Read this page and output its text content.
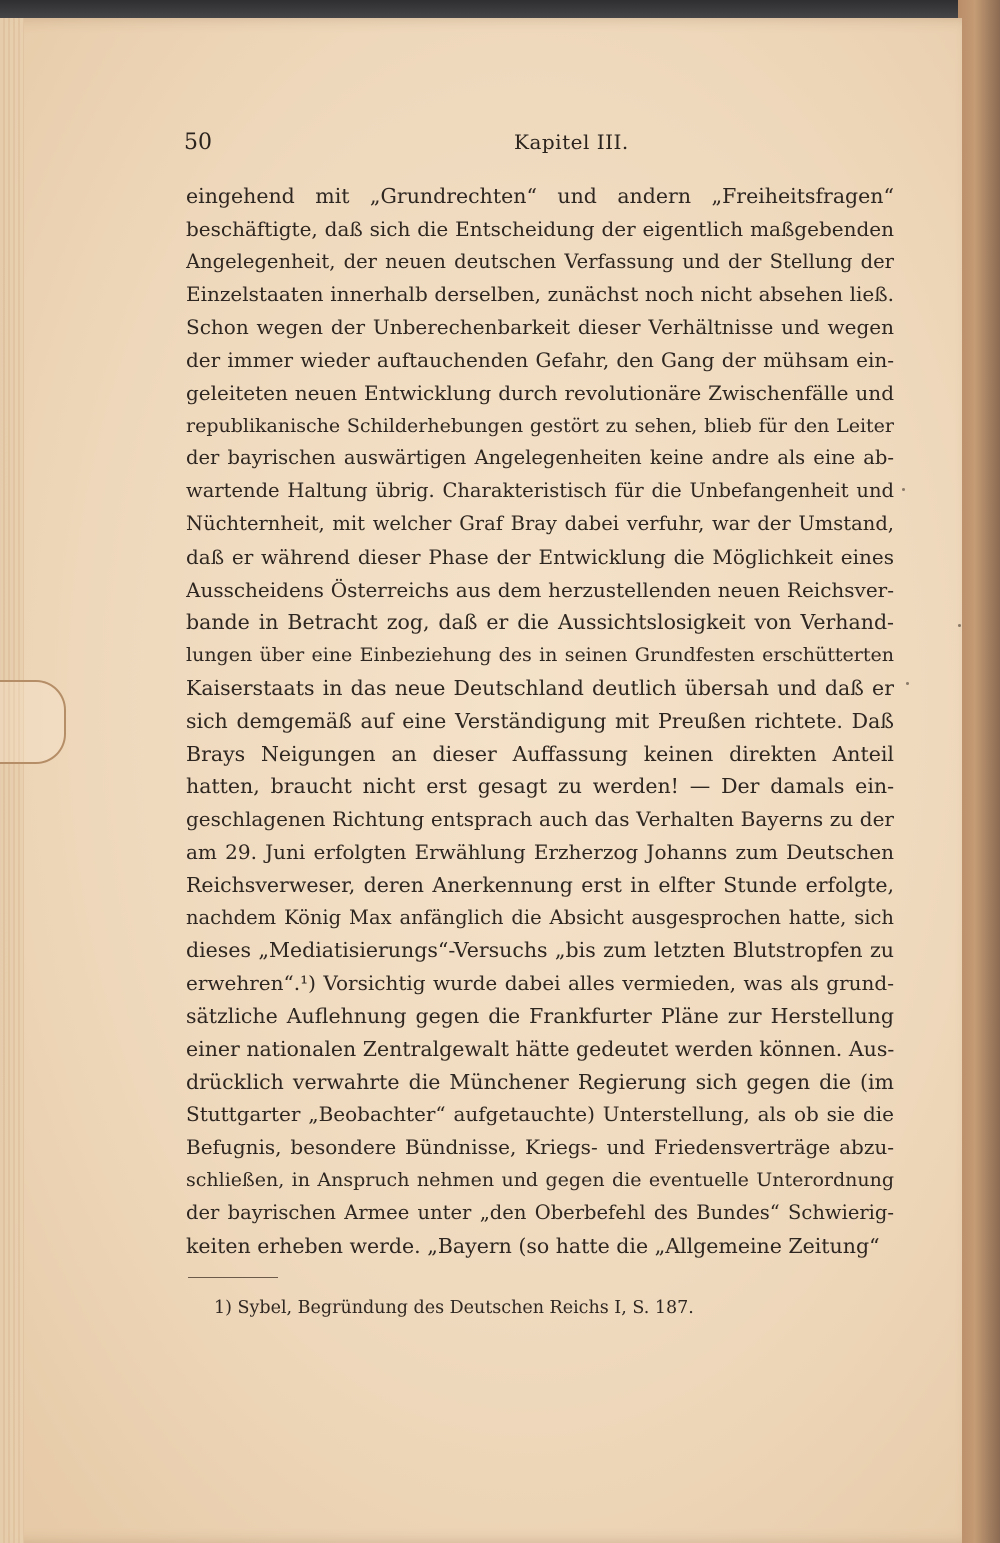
50	Kapitel III.
eingehend mit „Grundrechten“ und andern „Freiheitsfragen“
beschäftigte, daß sich die Entscheidung der eigentlich maßgebenden
Angelegenheit, der neuen deutschen Verfassung und der Stellung der
Einzelstaaten innerhalb derselben, zunächst noch nicht absehen ließ.
Schon wegen der Unberechenbarkeit dieser Verhältnisse und wegen
der immer wieder auftauchenden Gefahr, den Gang der mühsam ein-
geleiteten neuen Entwicklung durch revolutionäre Zwischenfälle und
republikanische Schilderhebungen gestört zu sehen, blieb für den Leiter
der bayrischen auswärtigen Angelegenheiten keine andre als eine ab-
wartende Haltung übrig. Charakteristisch für die Unbefangenheit und
Nüchternheit, mit welcher Graf Bray dabei verfuhr, war der Umstand,
daß er während dieser Phase der Entwicklung die Möglichkeit eines
Ausscheidens Österreichs aus dem herzustellenden neuen Reichsver-
bande in Betracht zog, daß er die Aussichtslosigkeit von Verhand-
lungen über eine Einbeziehung des in seinen Grundfesten erschütterten
Kaiserstaats in das neue Deutschland deutlich übersah und daß er
sich demgemäß auf eine Verständigung mit Preußen richtete. Daß
Brays Neigungen an dieser Auffassung keinen direkten Anteil
hatten, braucht nicht erst gesagt zu werden! — Der damals ein-
geschlagenen Richtung entsprach auch das Verhalten Bayerns zu der
am 29. Juni erfolgten Erwählung Erzherzog Johanns zum Deutschen
Reichsverweser, deren Anerkennung erst in elfter Stunde erfolgte,
nachdem König Max anfänglich die Absicht ausgesprochen hatte, sich
dieses „Mediatisierungs“-Versuchs „bis zum letzten Blutstropfen zu
erwehren“.¹) Vorsichtig wurde dabei alles vermieden, was als grund-
sätzliche Auflehnung gegen die Frankfurter Pläne zur Herstellung
einer nationalen Zentralgewalt hätte gedeutet werden können. Aus-
drücklich verwahrte die Münchener Regierung sich gegen die (im
Stuttgarter „Beobachter“ aufgetauchte) Unterstellung, als ob sie die
Befugnis, besondere Bündnisse, Kriegs- und Friedensverträge abzu-
schließen, in Anspruch nehmen und gegen die eventuelle Unterordnung
der bayrischen Armee unter „den Oberbefehl des Bundes“ Schwierig-
keiten erheben werde. „Bayern (so hatte die „Allgemeine Zeitung“
1) Sybel, Begründung des Deutschen Reichs I, S. 187.
